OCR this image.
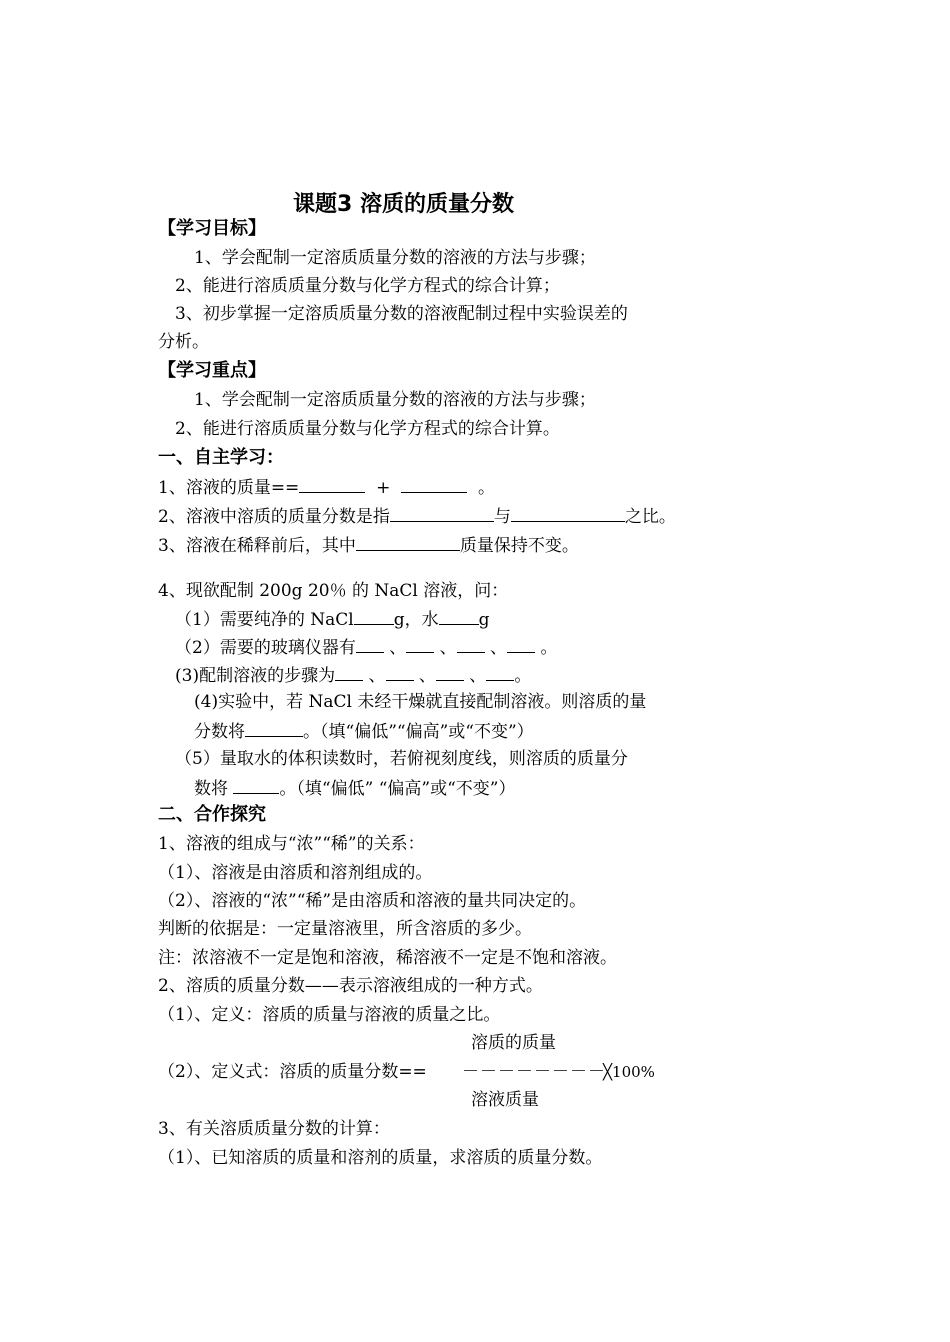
课题3 溶质的质量分数
【学习目标】
1、学会配制一定溶质质量分数的溶液的方法与步骤；
2、能进行溶质质量分数与化学方程式的综合计算；
3、初步掌握一定溶质质量分数的溶液配制过程中实验误差的
分析。
【学习重点】
1、学会配制一定溶质质量分数的溶液的方法与步骤；
2、能进行溶质质量分数与化学方程式的综合计算。
一、自主学习：
1、溶液的质量==	+	。
2、溶液中溶质的质量分数是指	与	之比。
3、溶液在稀释前后，其中	质量保持不变。
4、现欲配制 200g 20％ 的 NaCl 溶液，问：
（1）需要纯净的 NaCl g，水 g
（2）需要的玻璃仪器有 、 、 、 。
(3)配制溶液的步骤为 、 、 、 。
(4)实验中，若 NaCl 未经干燥就直接配制溶液。则溶质的量
分数将	。（填“偏低”“偏高”或“不变”）
（5）量取水的体积读数时，若俯视刻度线，则溶质的质量分
数将	。（填“偏低” “偏高”或“不变”）
二、合作探究
1、溶液的组成与“浓”“稀”的关系：
（1）、溶液是由溶质和溶剂组成的。
（2）、溶液的“浓”“稀”是由溶质和溶液的量共同决定的。
判断的依据是：一定量溶液里，所含溶质的多少。
注：浓溶液不一定是饱和溶液，稀溶液不一定是不饱和溶液。
2、溶质的质量分数——表示溶液组成的一种方式。
（1）、定义：溶质的质量与溶液的质量之比。
溶质的质量
（2）、定义式：溶质的质量分数== －－－－－－－－
╳100%
溶液质量
3、有关溶质质量分数的计算：
（1）、已知溶质的质量和溶剂的质量，求溶质的质量分数。
